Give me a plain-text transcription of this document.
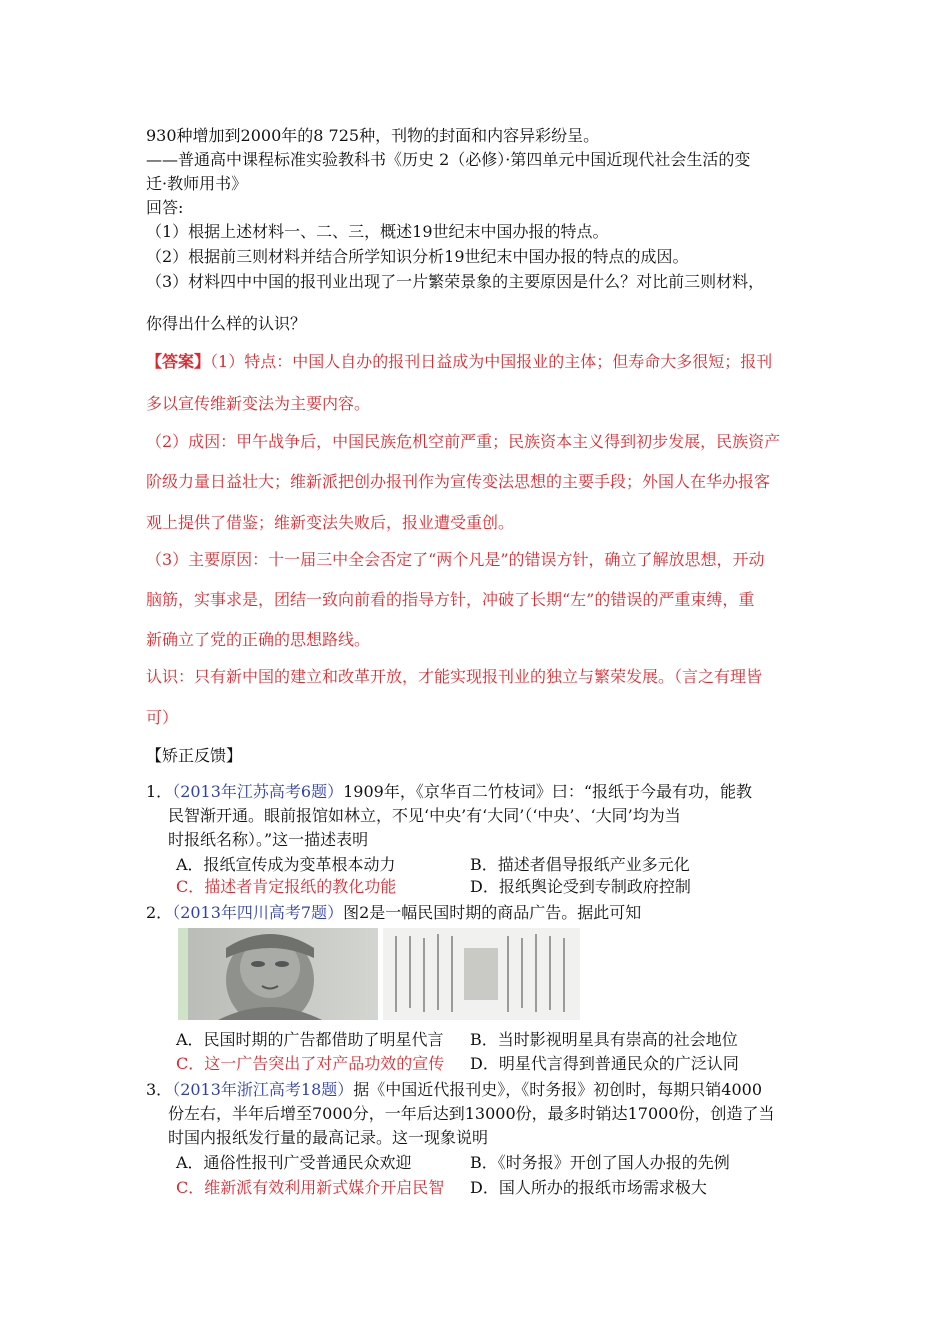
930种增加到2000年的8 725种，刊物的封面和内容异彩纷呈。
——普通高中课程标准实验教科书《历史 2（必修）·第四单元中国近现代社会生活的变
迁·教师用书》
回答:
（1）根据上述材料一、二、三，概述19世纪末中国办报的特点。
（2）根据前三则材料并结合所学知识分析19世纪末中国办报的特点的成因。
（3）材料四中中国的报刊业出现了一片繁荣景象的主要原因是什么？对比前三则材料，
你得出什么样的认识？
【答案】（1）特点：中国人自办的报刊日益成为中国报业的主体；但寿命大多很短；报刊
多以宣传维新变法为主要内容。
（2）成因：甲午战争后，中国民族危机空前严重；民族资本主义得到初步发展，民族资产
阶级力量日益壮大；维新派把创办报刊作为宣传变法思想的主要手段；外国人在华办报客
观上提供了借鉴；维新变法失败后，报业遭受重创。
（3）主要原因：十一届三中全会否定了“两个凡是”的错误方针，确立了解放思想，开动
脑筋，实事求是，团结一致向前看的指导方针，冲破了长期“左”的错误的严重束缚，重
新确立了党的正确的思想路线。
认识：只有新中国的建立和改革开放，才能实现报刊业的独立与繁荣发展。（言之有理皆
可）
【矫正反馈】
1．（2013年江苏高考6题）1909年，《京华百二竹枝词》曰：“报纸于今最有功，能教
民智渐开通。眼前报馆如林立，不见‘中央’有‘大同’（‘中央’、‘大同’均为当
时报纸名称）。”这一描述表明
A．报纸宣传成为变革根本动力	B．描述者倡导报纸产业多元化
C．描述者肯定报纸的教化功能	D．报纸舆论受到专制政府控制
2．（2013年四川高考7题）图2是一幅民国时期的商品广告。据此可知
A．民国时期的广告都借助了明星代言 B．当时影视明星具有崇高的社会地位
C．这一广告突出了对产品功效的宣传 D．明星代言得到普通民众的广泛认同
3．（2013年浙江高考18题）据《中国近代报刊史》，《时务报》初创时，每期只销4000
份左右，半年后增至7000分，一年后达到13000份，最多时销达17000份，创造了当
时国内报纸发行量的最高记录。这一现象说明
A．通俗性报刊广受普通民众欢迎	B．《时务报》开创了国人办报的先例
C．维新派有效利用新式媒介开启民智 D．国人所办的报纸市场需求极大
